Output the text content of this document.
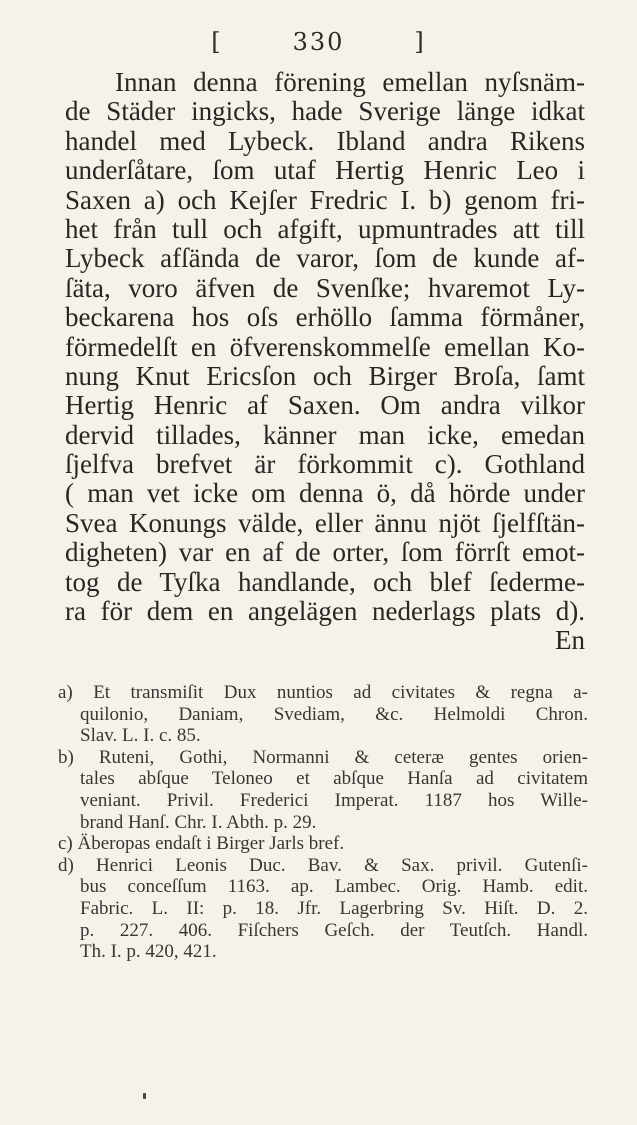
[	330	]
Innan denna förening emellan nyſsnäm-
de Städer ingicks, hade Sverige länge idkat
handel med Lybeck. Ibland andra Rikens
underſåtare, ſom utaf Hertig Henric Leo i
Saxen a) och Kejſer Fredric I. b) genom fri-
het från tull och afgift, upmuntrades att till
Lybeck afſända de varor, ſom de kunde af-
ſäta, voro äfven de Svenſke; hvaremot Ly-
beckarena hos oſs erhöllo ſamma förmåner,
förmedelſt en öfverenskommelſe emellan Ko-
nung Knut Ericsſon och Birger Broſa, ſamt
Hertig Henric af Saxen. Om andra vilkor
dervid tillades, känner man icke, emedan
ſjelfva brefvet är förkommit c). Gothland
( man vet icke om denna ö, då hörde under
Svea Konungs välde, eller ännu njöt ſjelfſtän-
digheten) var en af de orter, ſom förrſt emot-
tog de Tyſka handlande, och blef ſederme-
ra för dem en angelägen nederlags plats d).
En
a) Et transmiſit Dux nuntios ad civitates & regna a-
quilonio, Daniam, Svediam, &c. Helmoldi Chron.
Slav. L. I. c. 85.
b) Ruteni, Gothi, Normanni & ceteræ gentes orien-
tales abſque Teloneo et abſque Hanſa ad civitatem
veniant. Privil. Frederici Imperat. 1187 hos Wille-
brand Hanſ. Chr. I. Abth. p. 29.
c) Äberopas endaſt i Birger Jarls bref.
d) Henrici Leonis Duc. Bav. & Sax. privil. Gutenſi-
bus conceſſum 1163. ap. Lambec. Orig. Hamb. edit.
Fabric. L. II: p. 18. Jfr. Lagerbring Sv. Hiſt. D. 2.
p. 227. 406. Fiſchers Geſch. der Teutſch. Handl.
Th. I. p. 420, 421.
